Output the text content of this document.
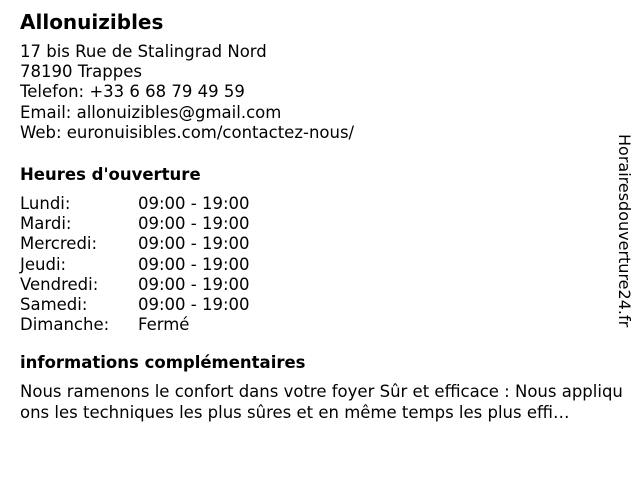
Allonuizibles
17 bis Rue de Stalingrad Nord
78190 Trappes
Telefon: +33 6 68 79 49 59
Email: allonuizibles@gmail.com
Web: euronuisibles.com/contactez-nous/
Heures d'ouverture
Lundi:	09:00 - 19:00
Mardi:	09:00 - 19:00
Mercredi:	09:00 - 19:00
Jeudi:	09:00 - 19:00
Vendredi:	09:00 - 19:00
Samedi:	09:00 - 19:00
Dimanche:	Fermé
informations complémentaires
Nous ramenons le confort dans votre foyer Sûr et efficace : Nous appliquons les techniques les plus sûres et en même temps les plus effi…
Horairesdouverture24.fr
